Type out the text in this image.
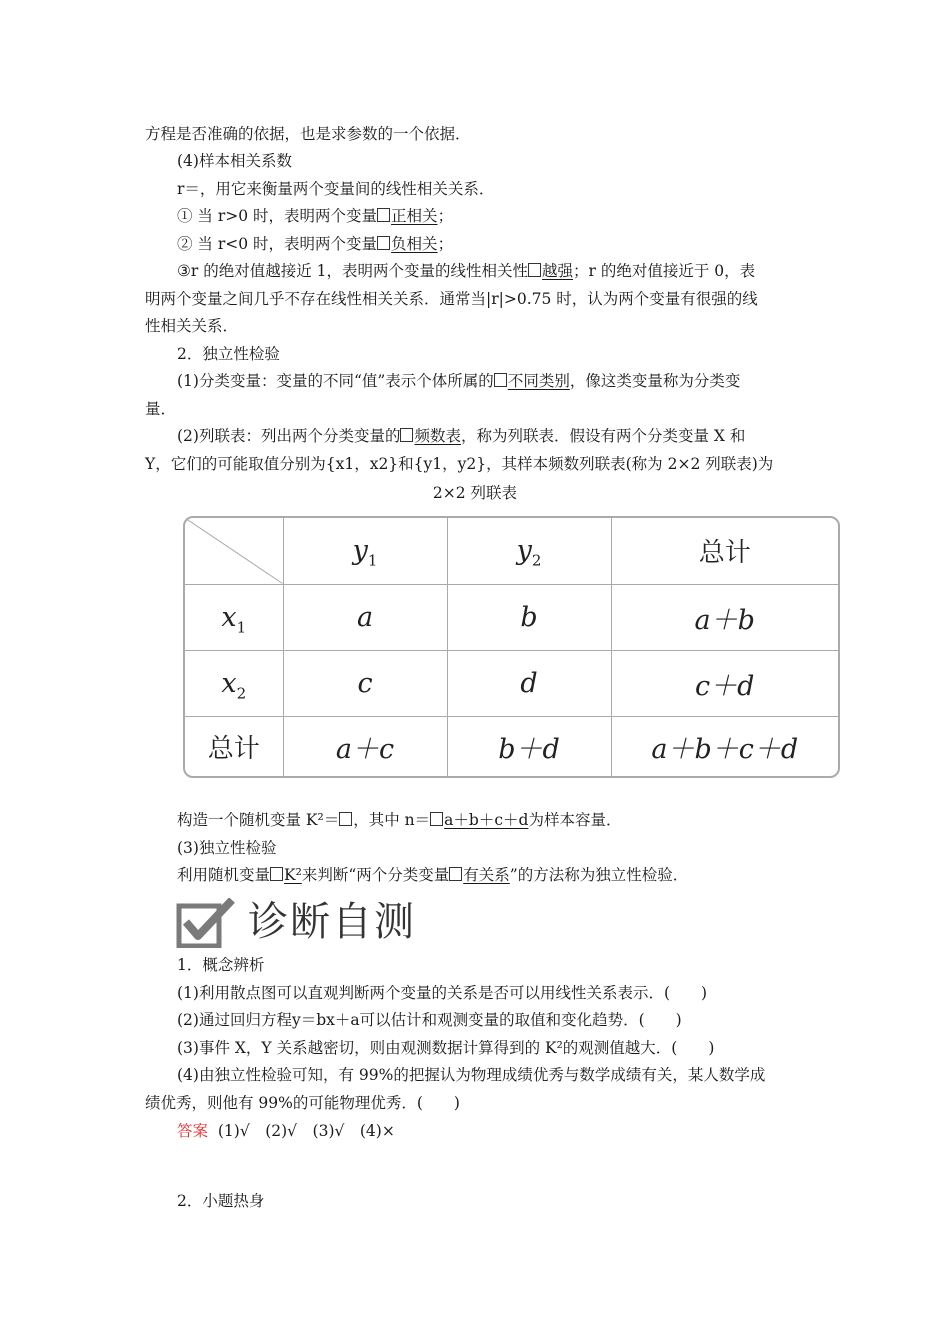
方程是否准确的依据，也是求参数的一个依据．
(4)样本相关系数
r＝，用它来衡量两个变量间的线性相关关系．
① 当 r>0 时，表明两个变量 正相关；
② 当 r<0 时，表明两个变量 负相关；
③r 的绝对值越接近 1，表明两个变量的线性相关性 越强；r 的绝对值接近于 0，表
明两个变量之间几乎不存在线性相关关系．通常当|r|>0.75 时，认为两个变量有很强的线
性相关关系．
2．独立性检验
(1)分类变量：变量的不同“值”表示个体所属的 不同类别，像这类变量称为分类变
量．
(2)列联表：列出两个分类变量的 频数表，称为列联表．假设有两个分类变量 X 和
Y，它们的可能取值分别为{x1，x2}和{y1，y2}，其样本频数列联表(称为 2×2 列联表)为
2×2 列联表
	$y_1$	$y_2$	总计
$x_1$	a	b	a＋b
$x_2$	c	d	c＋d
总计	a＋c	b＋d	a＋b＋c＋d
构造一个随机变量 K²＝ ，其中 n＝ a＋b＋c＋d为样本容量．
(3)独立性检验
利用随机变量 K²来判断“两个分类变量 有关系”的方法称为独立性检验．
诊断自测
1．概念辨析
(1)利用散点图可以直观判断两个变量的关系是否可以用线性关系表示．(　　)
(2)通过回归方程y＝bx＋a可以估计和观测变量的取值和变化趋势．(　　)
(3)事件 X，Y 关系越密切，则由观测数据计算得到的 K²的观测值越大．(　　)
(4)由独立性检验可知，有 99%的把握认为物理成绩优秀与数学成绩有关，某人数学成
绩优秀，则他有 99%的可能物理优秀．(　　)
答案 (1)√　(2)√　(3)√　(4)×
2．小题热身
